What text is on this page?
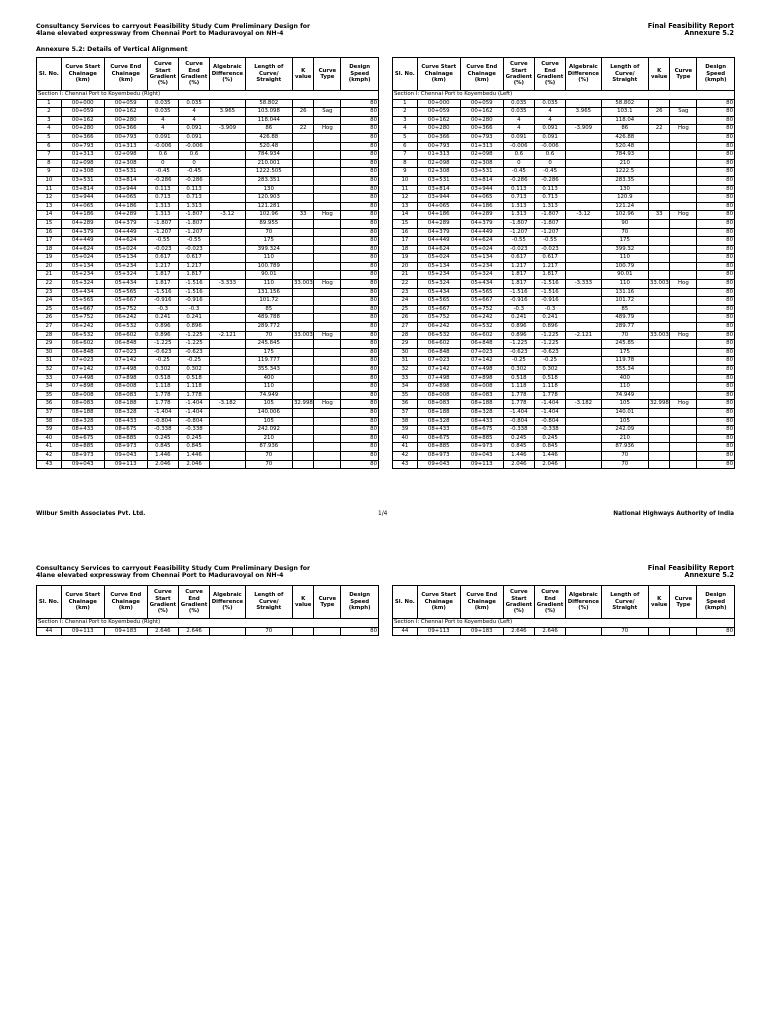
Consultancy Services to carryout Feasibility Study Cum Preliminary Design for
4lane elevated expressway from Chennai Port to Maduravoyal on NH-4
Final Feasibility Report
Annexure 5.2
Annexure 5.2: Details of Vertical Alignment
Sl. No.	Curve Start Chainage (km)	Curve End Chainage (km)	Curve Start Gradient (%)	Curve End Gradient (%)	Algebraic Difference (%)	Length of Curve/ Straight	K value	Curve Type	Design Speed (kmph)
Section I: Chennai Port to Koyembedu (Right)									
1	00+000	00+059	0.035	0.035		58.802			80
2	00+059	00+162	0.035	4	3.965	103.098	26	Sag	80
3	00+162	00+280	4	4		118.044			80
4	00+280	00+366	4	0.091	-3.909	86	22	Hog	80
5	00+366	00+793	0.091	0.091		426.88			80
6	00+793	01+313	-0.006	-0.006		520.48			80
7	01+313	02+098	0.6	0.6		784.934			80
8	02+098	02+308	0	0		210.001			80
9	02+308	03+531	-0.45	-0.45		1222.505			80
10	03+531	03+814	-0.286	-0.286		283.351			80
11	03+814	03+944	0.113	0.113		130			80
12	03+944	04+065	0.713	0.713		120.903			80
13	04+065	04+186	1.313	1.313		121.281			80
14	04+186	04+289	1.313	-1.807	-3.12	102.96	33	Hog	80
15	04+289	04+379	-1.807	-1.807		89.955			80
16	04+379	04+449	-1.207	-1.207		70			80
17	04+449	04+624	-0.55	-0.55		175			80
18	04+624	05+024	-0.023	-0.023		399.324			80
19	05+024	05+134	0.617	0.617		110			80
20	05+134	05+234	1.217	1.217		100.789			80
21	05+234	05+324	1.817	1.817		90.01			80
22	05+324	05+434	1.817	-1.516	-3.333	110	33.003	Hog	80
23	05+434	05+565	-1.516	-1.516		131.156			80
24	05+565	05+667	-0.916	-0.916		101.72			80
25	05+667	05+752	-0.3	-0.3		85			80
26	05+752	06+242	0.241	0.241		489.788			80
27	06+242	06+532	0.896	0.896		289.772			80
28	06+532	06+602	0.896	-1.225	-2.121	70	33.003	Hog	80
29	06+602	06+848	-1.225	-1.225		245.845			80
30	06+848	07+023	-0.623	-0.623		175			80
31	07+023	07+142	-0.25	-0.25		119.777			80
32	07+142	07+498	0.302	0.302		355.343			80
33	07+498	07+898	0.518	0.518		400			80
34	07+898	08+008	1.118	1.118		110			80
35	08+008	08+083	1.778	1.778		74.949			80
36	08+083	08+188	1.778	-1.404	-3.182	105	32.998	Hog	80
37	08+188	08+328	-1.404	-1.404		140.006			80
38	08+328	08+433	-0.804	-0.804		105			80
39	08+433	08+675	-0.338	-0.338		242.092			80
40	08+675	08+885	0.245	0.245		210			80
41	08+885	08+973	0.845	0.845		87.936			80
42	08+973	09+043	1.446	1.446		70			80
43	09+043	09+113	2.046	2.046		70			80
Sl. No.	Curve Start Chainage (km)	Curve End Chainage (km)	Curve Start Gradient (%)	Curve End Gradient (%)	Algebraic Difference (%)	Length of Curve/ Straight	K value	Curve Type	Design Speed (kmph)
Section I: Chennai Port to Koyembedu (Left)									
1	00+000	00+059	0.035	0.035		58.802			80
2	00+059	00+162	0.035	4	3.965	103.1	26	Sag	80
3	00+162	00+280	4	4		118.04			80
4	00+280	00+366	4	0.091	-3.909	86	22	Hog	80
5	00+366	00+793	0.091	0.091		426.88			80
6	00+793	01+313	-0.006	-0.006		520.48			80
7	01+313	02+098	0.6	0.6		784.93			80
8	02+098	02+308	0	0		210			80
9	02+308	03+531	-0.45	-0.45		1222.5			80
10	03+531	03+814	-0.286	-0.286		283.35			80
11	03+814	03+944	0.113	0.113		130			80
12	03+944	04+065	0.713	0.713		120.9			80
13	04+065	04+186	1.313	1.313		121.24			80
14	04+186	04+289	1.313	-1.807	-3.12	102.96	33	Hog	80
15	04+289	04+379	-1.807	-1.807		90			80
16	04+379	04+449	-1.207	-1.207		70			80
17	04+449	04+624	-0.55	-0.55		175			80
18	04+624	05+024	-0.023	-0.023		399.32			80
19	05+024	05+134	0.617	0.617		110			80
20	05+134	05+234	1.217	1.217		100.79			80
21	05+234	05+324	1.817	1.817		90.01			80
22	05+324	05+434	1.817	-1.516	-3.333	110	33.003	Hog	80
23	05+434	05+565	-1.516	-1.516		131.16			80
24	05+565	05+667	-0.916	-0.916		101.72			80
25	05+667	05+752	-0.3	-0.3		85			80
26	05+752	06+242	0.241	0.241		489.79			80
27	06+242	06+532	0.896	0.896		289.77			80
28	06+532	06+602	0.896	-1.225	-2.121	70	33.003	Hog	80
29	06+602	06+848	-1.225	-1.225		245.85			80
30	06+848	07+023	-0.623	-0.623		175			80
31	07+023	07+142	-0.25	-0.25		119.78			80
32	07+142	07+498	0.302	0.302		355.34			80
33	07+498	07+898	0.518	0.518		400			80
34	07+898	08+008	1.118	1.118		110			80
35	08+008	08+083	1.778	1.778		74.949			80
36	08+083	08+188	1.778	-1.404	-3.182	105	32.998	Hog	80
37	08+188	08+328	-1.404	-1.404		140.01			80
38	08+328	08+433	-0.804	-0.804		105			80
39	08+433	08+675	-0.338	-0.338		242.09			80
40	08+675	08+885	0.245	0.245		210			80
41	08+885	08+973	0.845	0.845		87.936			80
42	08+973	09+043	1.446	1.446		70			80
43	09+043	09+113	2.046	2.046		70			80
Wilbur Smith Associates Pvt. Ltd.	1/4	National Highways Authority of India
Consultancy Services to carryout Feasibility Study Cum Preliminary Design for
4lane elevated expressway from Chennai Port to Maduravoyal on NH-4
Final Feasibility Report
Annexure 5.2
Sl. No.	Curve Start Chainage (km)	Curve End Chainage (km)	Curve Start Gradient (%)	Curve End Gradient (%)	Algebraic Difference (%)	Length of Curve/ Straight	K value	Curve Type	Design Speed (kmph)
Section I: Chennai Port to Koyembedu (Right)									
44	09+113	09+183	2.646	2.646		70			80
Sl. No.	Curve Start Chainage (km)	Curve End Chainage (km)	Curve Start Gradient (%)	Curve End Gradient (%)	Algebraic Difference (%)	Length of Curve/ Straight	K value	Curve Type	Design Speed (kmph)
Section I: Chennai Port to Koyembedu (Left)									
44	09+113	09+183	2.646	2.646		70			80
